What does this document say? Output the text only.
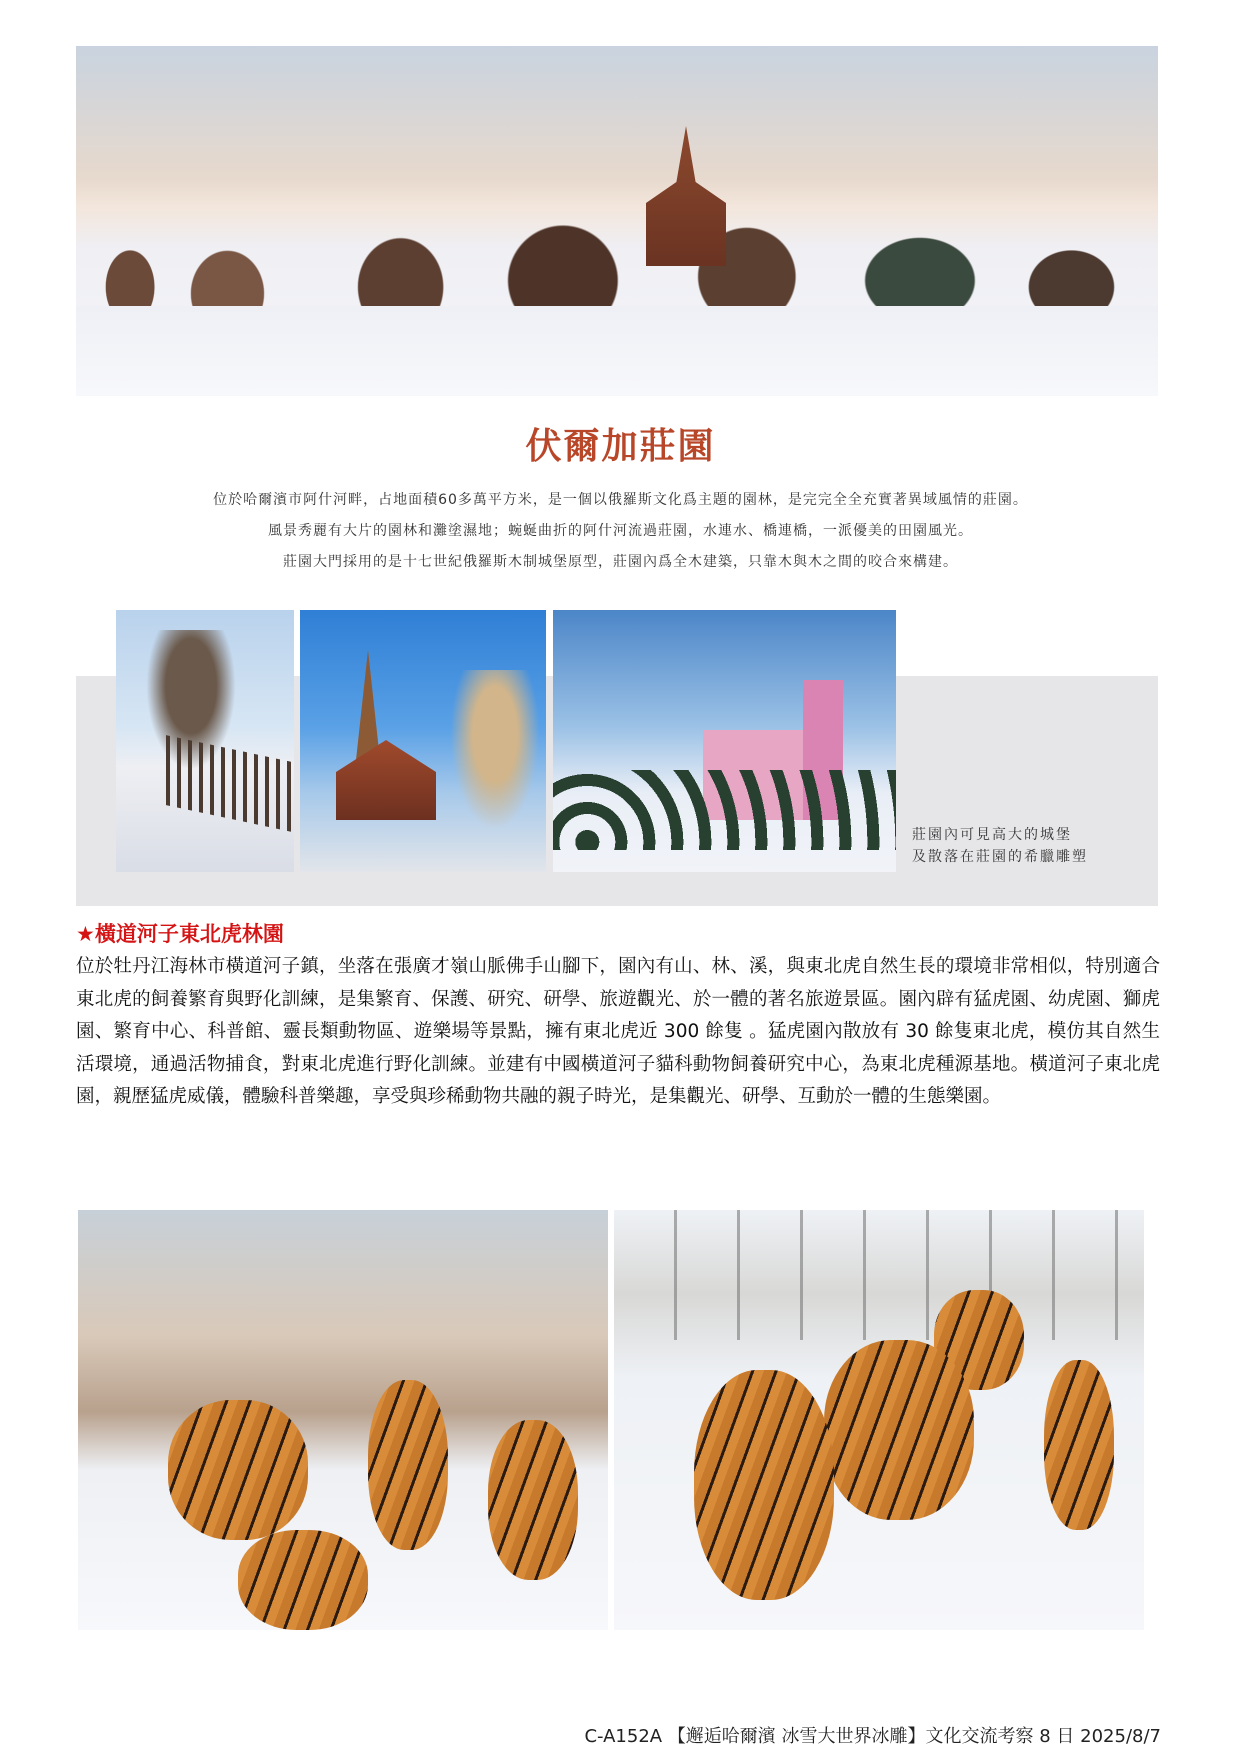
伏爾加莊園

位於哈爾濱市阿什河畔，占地面積60多萬平方米，是一個以俄羅斯文化爲主題的園林，是完完全全充實著異域風情的莊園。

風景秀麗有大片的園林和灘塗濕地；蜿蜒曲折的阿什河流過莊園，水連水、橋連橋，一派優美的田園風光。

莊園大門採用的是十七世紀俄羅斯木制城堡原型，莊園內爲全木建築，只靠木與木之間的咬合來構建。

莊園內可見高大的城堡
及散落在莊園的希臘雕塑
★橫道河子東北虎林園

位於牡丹江海林市橫道河子鎮，坐落在張廣才嶺山脈佛手山腳下，園內有山、林、溪，與東北虎自然生長的環境非常相似，特別適合東北虎的飼養繁育與野化訓練，是集繁育、保護、研究、研學、旅遊觀光、於一體的著名旅遊景區。園內辟有猛虎園、幼虎園、獅虎園、繁育中心、科普館、靈長類動物區、遊樂場等景點，擁有東北虎近 300 餘隻 。猛虎園內散放有 30 餘隻東北虎，模仿其自然生活環境，通過活物捕食，對東北虎進行野化訓練。並建有中國橫道河子貓科動物飼養研究中心，為東北虎種源基地。橫道河子東北虎園，親歷猛虎威儀，體驗科普樂趣，享受與珍稀動物共融的親子時光，是集觀光、研學、互動於一體的生態樂園。

C-A152A 【邂逅哈爾濱 冰雪大世界冰雕】文化交流考察 8 日 2025/8/7
